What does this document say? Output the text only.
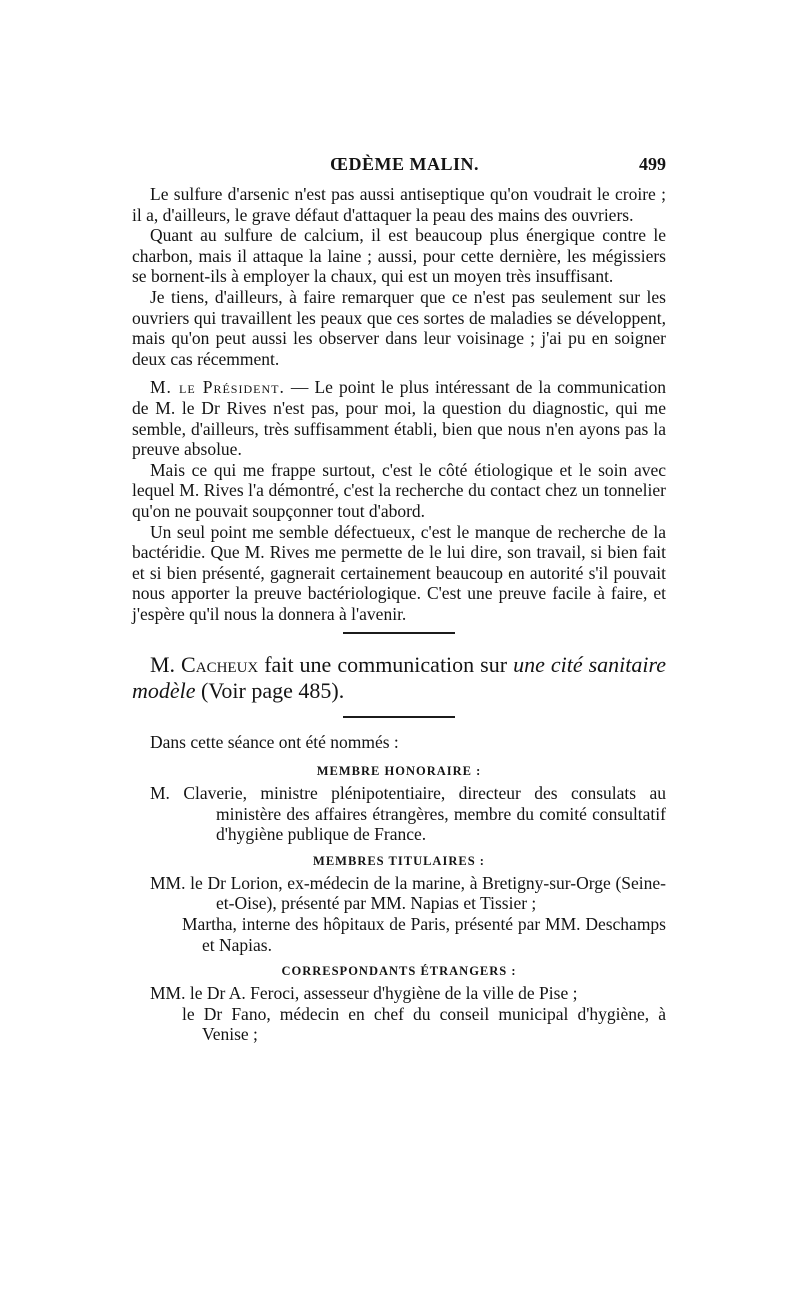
ŒDÈME MALIN.	499

Le sulfure d'arsenic n'est pas aussi antiseptique qu'on voudrait le croire ; il a, d'ailleurs, le grave défaut d'attaquer la peau des mains des ouvriers.

Quant au sulfure de calcium, il est beaucoup plus énergique contre le charbon, mais il attaque la laine ; aussi, pour cette dernière, les mégissiers se bornent-ils à employer la chaux, qui est un moyen très insuffisant.

Je tiens, d'ailleurs, à faire remarquer que ce n'est pas seulement sur les ouvriers qui travaillent les peaux que ces sortes de maladies se développent, mais qu'on peut aussi les observer dans leur voisinage ; j'ai pu en soigner deux cas récemment.

M. le Président. — Le point le plus intéressant de la communication de M. le Dr Rives n'est pas, pour moi, la question du diagnostic, qui me semble, d'ailleurs, très suffisamment établi, bien que nous n'en ayons pas la preuve absolue.

Mais ce qui me frappe surtout, c'est le côté étiologique et le soin avec lequel M. Rives l'a démontré, c'est la recherche du contact chez un tonnelier qu'on ne pouvait soupçonner tout d'abord.

Un seul point me semble défectueux, c'est le manque de recherche de la bactéridie. Que M. Rives me permette de le lui dire, son travail, si bien fait et si bien présenté, gagnerait certainement beaucoup en autorité s'il pouvait nous apporter la preuve bactériologique. C'est une preuve facile à faire, et j'espère qu'il nous la donnera à l'avenir.

M. Cacheux fait une communication sur une cité sanitaire modèle (Voir page 485).

Dans cette séance ont été nommés :

MEMBRE HONORAIRE :

M. Claverie, ministre plénipotentiaire, directeur des consulats au ministère des affaires étrangères, membre du comité consultatif d'hygiène publique de France.

MEMBRES TITULAIRES :

MM. le Dr Lorion, ex-médecin de la marine, à Bretigny-sur-Orge (Seine-et-Oise), présenté par MM. Napias et Tissier ;

Martha, interne des hôpitaux de Paris, présenté par MM. Deschamps et Napias.

CORRESPONDANTS ÉTRANGERS :

MM. le Dr A. Feroci, assesseur d'hygiène de la ville de Pise ;

le Dr Fano, médecin en chef du conseil municipal d'hygiène, à Venise ;
